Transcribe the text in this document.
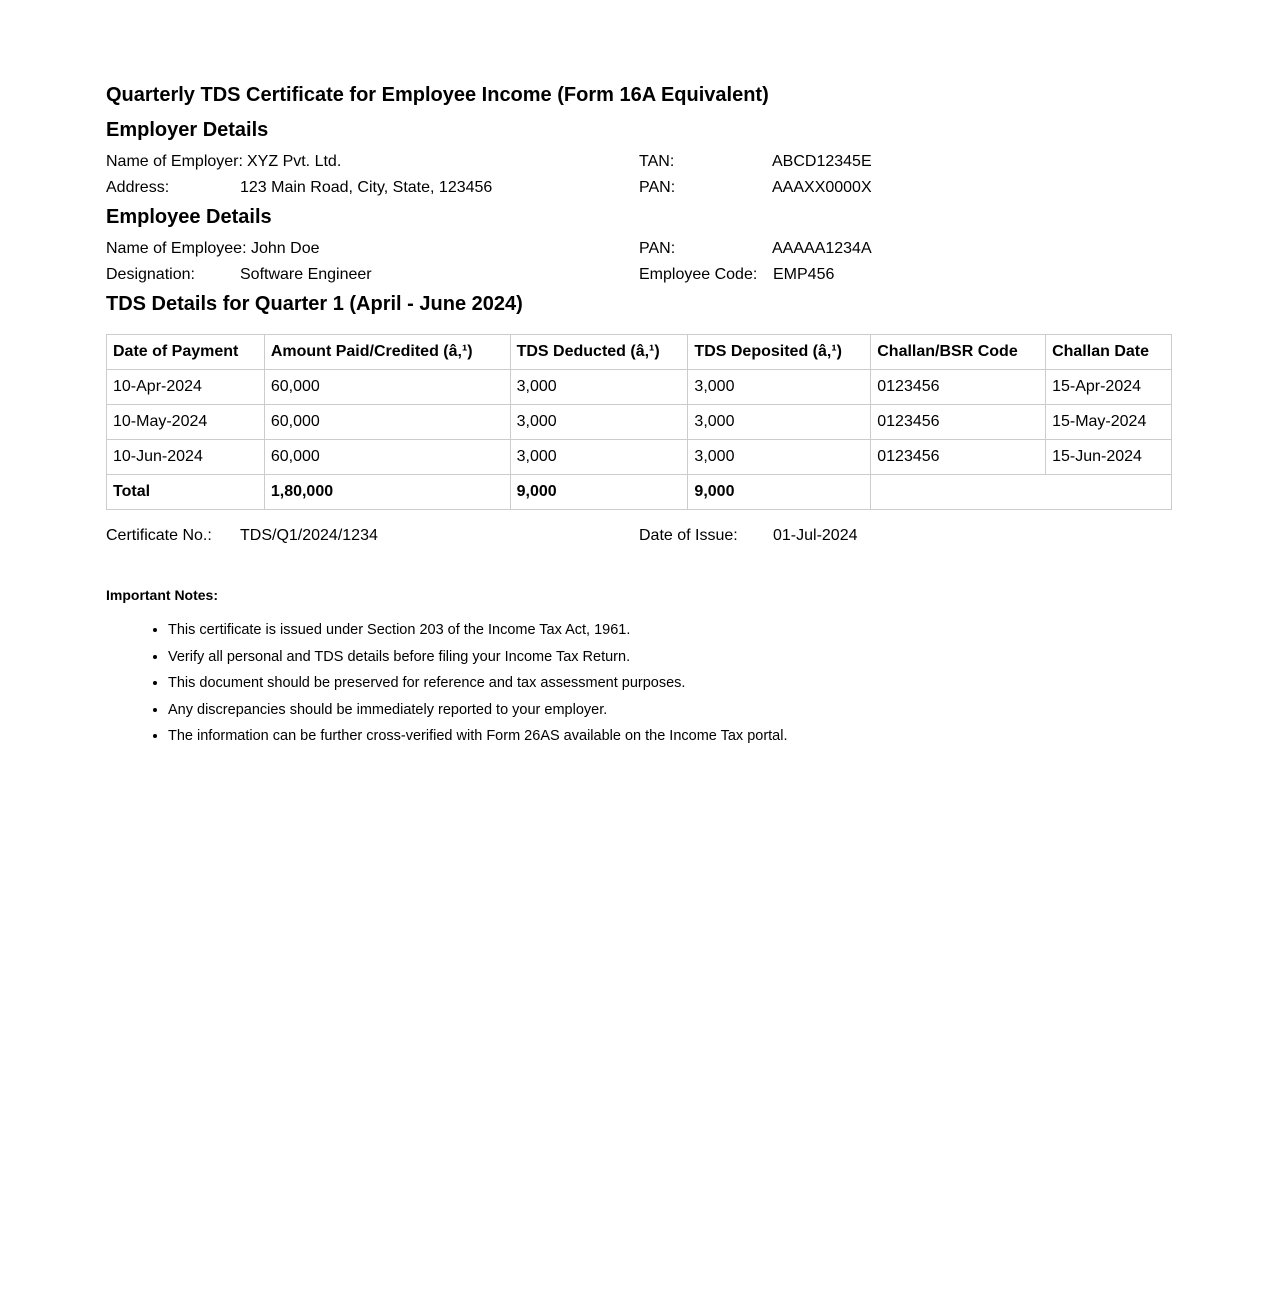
Quarterly TDS Certificate for Employee Income (Form 16A Equivalent)
Employer Details
Name of Employer: XYZ Pvt. Ltd.
Address:	123 Main Road, City, State, 123456
TAN:	ABCD12345E
PAN:	AAAXX0000X
Employee Details
Name of Employee: John Doe
Designation:	Software Engineer
PAN:	AAAAA1234A
Employee Code: EMP456
TDS Details for Quarter 1 (April - June 2024)
Date of Payment	Amount Paid/Credited (â‚¹)	TDS Deducted (â‚¹)	TDS Deposited (â‚¹)	Challan/BSR Code	Challan Date
10-Apr-2024	60,000	3,000	3,000	0123456	15-Apr-2024
10-May-2024	60,000	3,000	3,000	0123456	15-May-2024
10-Jun-2024	60,000	3,000	3,000	0123456	15-Jun-2024
Total	1,80,000	9,000	9,000		
Certificate No.: TDS/Q1/2024/1234	Date of Issue: 01-Jul-2024
Important Notes:
• This certificate is issued under Section 203 of the Income Tax Act, 1961.
• Verify all personal and TDS details before filing your Income Tax Return.
• This document should be preserved for reference and tax assessment purposes.
• Any discrepancies should be immediately reported to your employer.
• The information can be further cross-verified with Form 26AS available on the Income Tax portal.
